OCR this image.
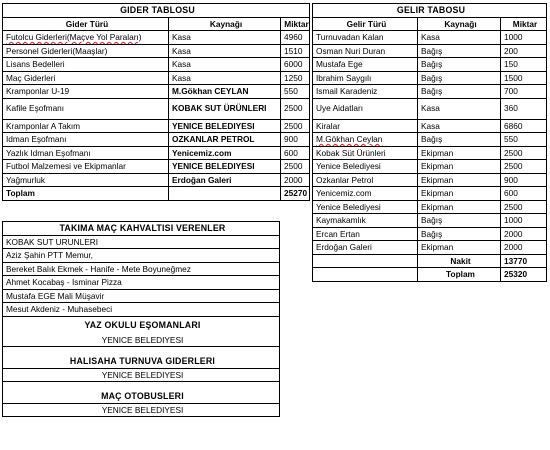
GIDER TABLOSU		
Gider Türü	Kaynağı	Miktar
Futolcu Giderleri(Maçve Yol Paraları)	Kasa	4960
Personel Giderleri(Maaşlar)	Kasa	1510
Lisans Bedelleri	Kasa	6000
Maç Giderleri	Kasa	1250
Kramponlar U-19	M.Gökhan CEYLAN	550
Kafile Eşofmanı	KOBAK SUT ÜRÜNLERI	2500
Kramponlar A Takım	YENICE BELEDIYESI	2500
Idman Eşofmanı	OZKANLAR PETROL	900
Yazlık Idman Eşofmanı	Yenicemiz.com	600
Futbol Malzemesi ve Ekipmanlar	YENICE BELEDIYESI	2500
Yağmurluk	Erdoğan Galeri	2000
Toplam		25270
GELIR TABOSU		
Gelir Türü	Kaynağı	Miktar
Turnuvadan Kalan	Kasa	1000
Osman Nuri Duran	Bağış	200
Mustafa Ege	Bağış	150
Ibrahim Saygılı	Bağış	1500
Ismail Karadeniz	Bağış	700
Uye Aidatları	Kasa	360
Kiralar	Kasa	6860
M.Gökhan Ceylan	Bağış	550
Kobak Süt Ürünleri	Ekipman	2500
Yenice Belediyesi	Ekipman	2500
Ozkanlar Petrol	Ekipman	900
Yenicemiz.com	Ekipman	600
Yenice Belediyesi	Ekipman	2500
Kaymakamlık	Bağış	1000
Ercan Ertan	Bağış	2000
Erdoğan Galeri	Ekipman	2000
	Nakit	13770
	Toplam	25320
TAKIMA MAÇ KAHVALTISI VERENLER
KOBAK SUT URUNLERI
Aziz Şahin PTT Memur,
Bereket Balık Ekmek - Hanife - Mete Boyuneğmez
Ahmet Kocabaş - Isminar Pizza
Mustafa EGE Mali Müşavir
Mesut Akdeniz - Muhasebeci
YAZ OKULU EŞOMANLARI
YENICE BELEDIYESI

HALISAHA TURNUVA GIDERLERI
YENICE BELEDIYESI

MAÇ OTOBUSLERI
YENICE BELEDIYESI
